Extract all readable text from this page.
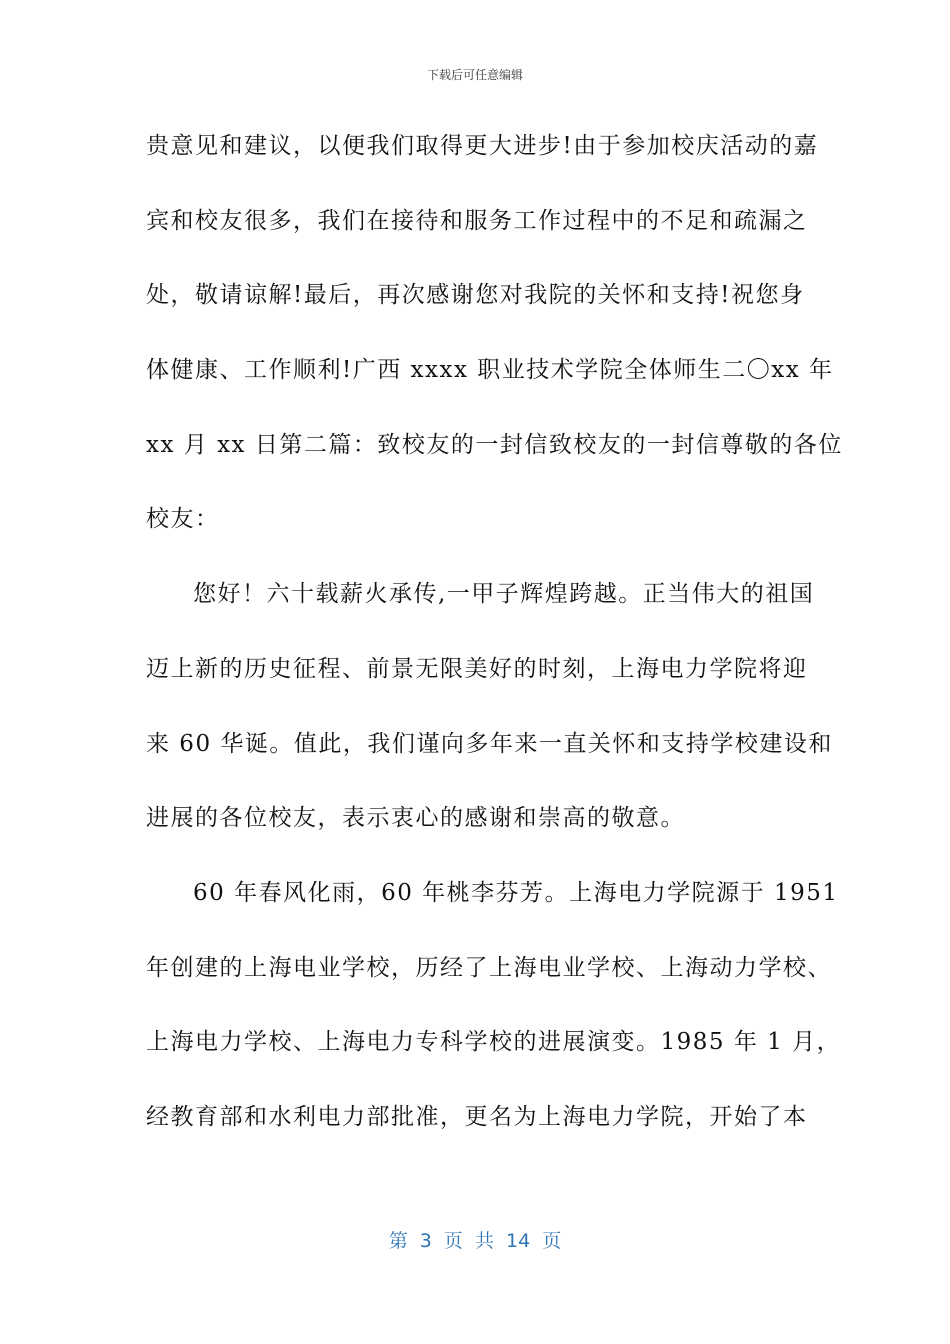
下载后可任意编辑
贵意见和建议，以便我们取得更大进步!由于参加校庆活动的嘉
宾和校友很多，我们在接待和服务工作过程中的不足和疏漏之
处，敬请谅解!最后，再次感谢您对我院的关怀和支持!祝您身
体健康、工作顺利!广西 xxxx 职业技术学院全体师生二〇xx 年
xx 月 xx 日第二篇：致校友的一封信致校友的一封信尊敬的各位
校友：
您好！六十载薪火承传,一甲子辉煌跨越。正当伟大的祖国
迈上新的历史征程、前景无限美好的时刻，上海电力学院将迎
来 60 华诞。值此，我们谨向多年来一直关怀和支持学校建设和
进展的各位校友，表示衷心的感谢和崇高的敬意。
60 年春风化雨，60 年桃李芬芳。上海电力学院源于 1951
年创建的上海电业学校，历经了上海电业学校、上海动力学校、
上海电力学校、上海电力专科学校的进展演变。1985 年 1 月，
经教育部和水利电力部批准，更名为上海电力学院，开始了本
第 3 页 共 14 页
